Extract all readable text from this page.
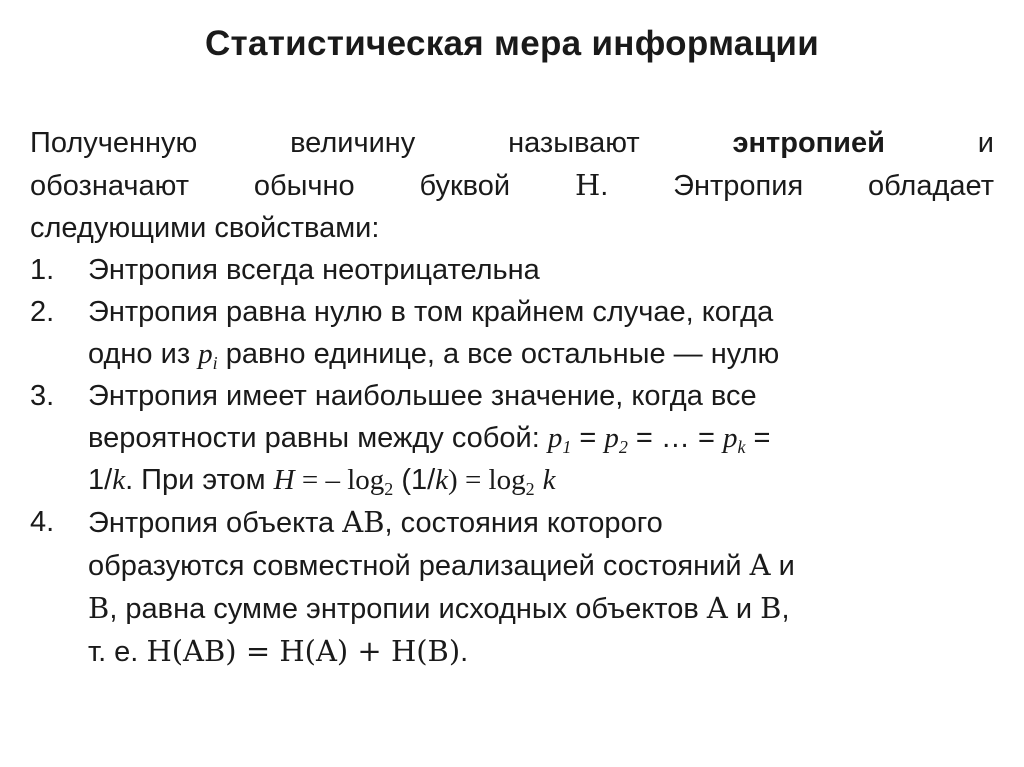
Статистическая мера информации
Полученную величину называют энтропией и
обозначают обычно буквой H. Энтропия обладает
следующими свойствами:
1. Энтропия всегда неотрицательна
2. Энтропия равна нулю в том крайнем случае, когда
одно из $p_i$ равно единице, а все остальные — нулю
3. Энтропия имеет наибольшее значение, когда все
вероятности равны между собой: $p_1 = p_2$ = … = $p_k$ =
1/k. При этом H = – $\log_2 (1/k) = \log_2 k$
4. Энтропия объекта AB, состояния которого
образуются совместной реализацией состояний A и
B, равна сумме энтропии исходных объектов A и B,
т. е. H(AB) = H(A) + H(B).
